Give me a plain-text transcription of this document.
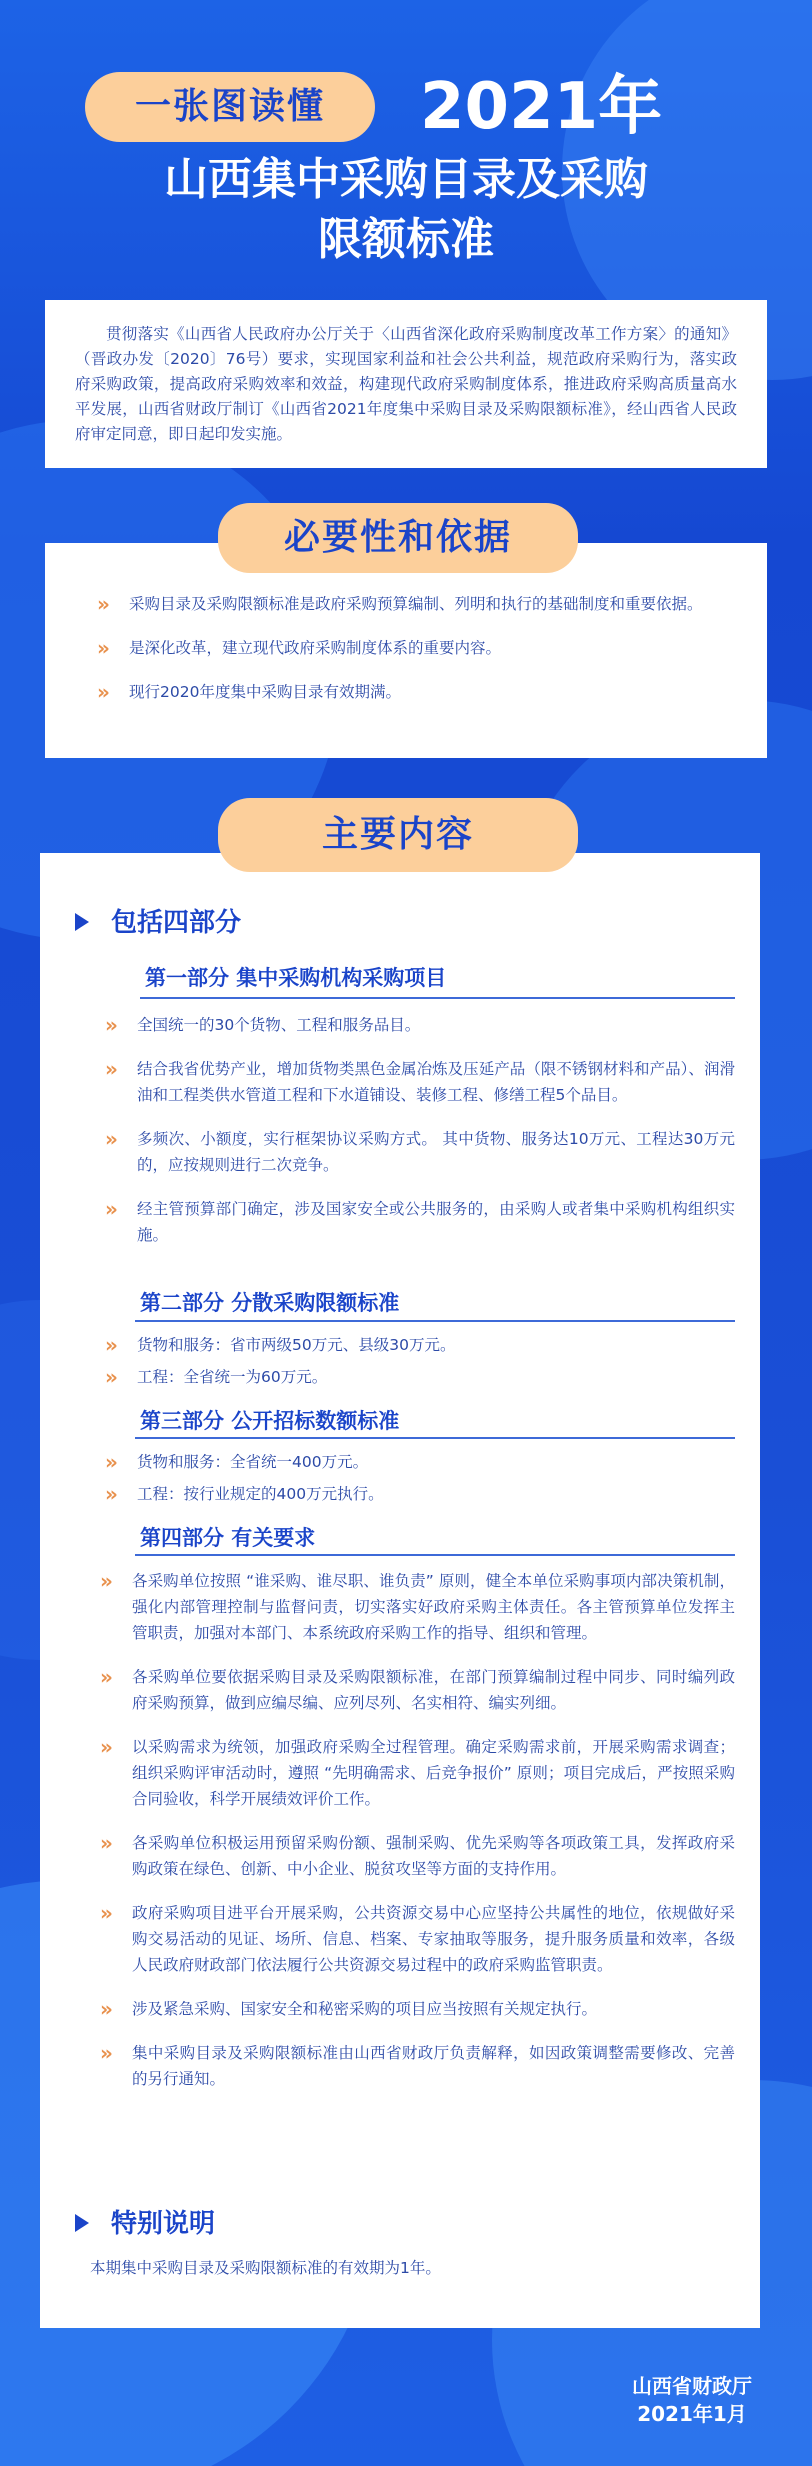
一张图读懂	2021年
山西集中采购目录及采购
限额标准

贯彻落实《山西省人民政府办公厅关于〈山西省深化政府采购制度改革工作方案〉的通知》（晋政办发〔2020〕76号）要求，实现国家利益和社会公共利益，规范政府采购行为，落实政府采购政策，提高政府采购效率和效益，构建现代政府采购制度体系，推进政府采购高质量高水平发展，山西省财政厅制订《山西省2021年度集中采购目录及采购限额标准》，经山西省人民政府审定同意，即日起印发实施。

» 采购目录及采购限额标准是政府采购预算编制、列明和执行的基础制度和重要依据。
» 是深化改革，建立现代政府采购制度体系的重要内容。
» 现行2020年度集中采购目录有效期满。
必要性和依据
主要内容
包括四部分
第一部分 集中采购机构采购项目
» 全国统一的30个货物、工程和服务品目。
» 结合我省优势产业，增加货物类黑色金属冶炼及压延产品（限不锈钢材料和产品）、润滑油和工程类供水管道工程和下水道铺设、装修工程、修缮工程5个品目。
» 多频次、小额度，实行框架协议采购方式。 其中货物、服务达10万元、工程达30万元的，应按规则进行二次竞争。
» 经主管预算部门确定，涉及国家安全或公共服务的，由采购人或者集中采购机构组织实施。
第二部分 分散采购限额标准
» 货物和服务：省市两级50万元、县级30万元。
» 工程：全省统一为60万元。
第三部分 公开招标数额标准
» 货物和服务：全省统一400万元。
» 工程：按行业规定的400万元执行。
第四部分 有关要求
» 各采购单位按照 “谁采购、谁尽职、谁负责” 原则，健全本单位采购事项内部决策机制，强化内部管理控制与监督问责，切实落实好政府采购主体责任。各主管预算单位发挥主管职责，加强对本部门、本系统政府采购工作的指导、组织和管理。
» 各采购单位要依据采购目录及采购限额标准，在部门预算编制过程中同步、同时编列政府采购预算，做到应编尽编、应列尽列、名实相符、编实列细。
» 以采购需求为统领，加强政府采购全过程管理。确定采购需求前，开展采购需求调查；组织采购评审活动时，遵照 “先明确需求、后竞争报价” 原则；项目完成后，严按照采购合同验收，科学开展绩效评价工作。
» 各采购单位积极运用预留采购份额、强制采购、优先采购等各项政策工具，发挥政府采购政策在绿色、创新、中小企业、脱贫攻坚等方面的支持作用。
» 政府采购项目进平台开展采购，公共资源交易中心应坚持公共属性的地位，依规做好采购交易活动的见证、场所、信息、档案、专家抽取等服务，提升服务质量和效率，各级人民政府财政部门依法履行公共资源交易过程中的政府采购监管职责。
» 涉及紧急采购、国家安全和秘密采购的项目应当按照有关规定执行。
» 集中采购目录及采购限额标准由山西省财政厅负责解释，如因政策调整需要修改、完善的另行通知。
特别说明
本期集中采购目录及采购限额标准的有效期为1年。
山西省财政厅
2021年1月
